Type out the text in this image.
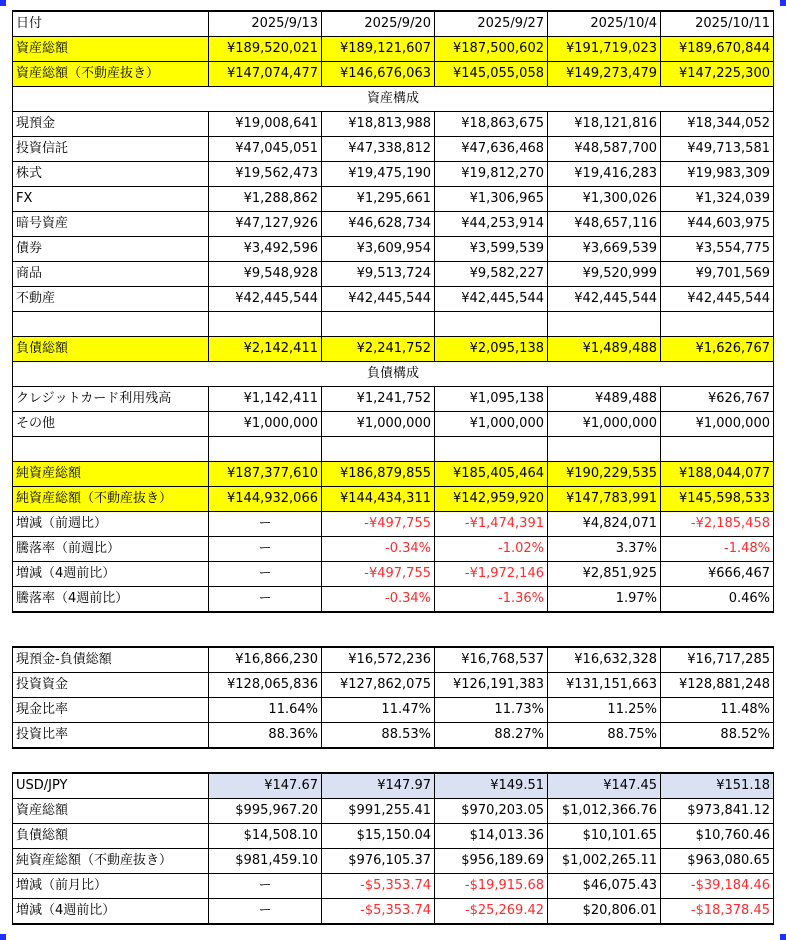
日付	2025/9/13	2025/9/20	2025/9/27	2025/10/4	2025/10/11
資産総額	¥189,520,021	¥189,121,607	¥187,500,602	¥191,719,023	¥189,670,844
資産総額（不動産抜き）	¥147,074,477	¥146,676,063	¥145,055,058	¥149,273,479	¥147,225,300
資産構成					
現預金	¥19,008,641	¥18,813,988	¥18,863,675	¥18,121,816	¥18,344,052
投資信託	¥47,045,051	¥47,338,812	¥47,636,468	¥48,587,700	¥49,713,581
株式	¥19,562,473	¥19,475,190	¥19,812,270	¥19,416,283	¥19,983,309
FX	¥1,288,862	¥1,295,661	¥1,306,965	¥1,300,026	¥1,324,039
暗号資産	¥47,127,926	¥46,628,734	¥44,253,914	¥48,657,116	¥44,603,975
債券	¥3,492,596	¥3,609,954	¥3,599,539	¥3,669,539	¥3,554,775
商品	¥9,548,928	¥9,513,724	¥9,582,227	¥9,520,999	¥9,701,569
不動産	¥42,445,544	¥42,445,544	¥42,445,544	¥42,445,544	¥42,445,544

負債総額	¥2,142,411	¥2,241,752	¥2,095,138	¥1,489,488	¥1,626,767
負債構成					
クレジットカード利用残高	¥1,142,411	¥1,241,752	¥1,095,138	¥489,488	¥626,767
その他	¥1,000,000	¥1,000,000	¥1,000,000	¥1,000,000	¥1,000,000

純資産総額	¥187,377,610	¥186,879,855	¥185,405,464	¥190,229,535	¥188,044,077
純資産総額（不動産抜き）	¥144,932,066	¥144,434,311	¥142,959,920	¥147,783,991	¥145,598,533
増減（前週比）	ー	-¥497,755	-¥1,474,391	¥4,824,071	-¥2,185,458
騰落率（前週比）	ー	-0.34%	-1.02%	3.37%	-1.48%
増減（4週前比）	ー	-¥497,755	-¥1,972,146	¥2,851,925	¥666,467
騰落率（4週前比）	ー	-0.34%	-1.36%	1.97%	0.46%
現預金-負債総額	¥16,866,230	¥16,572,236	¥16,768,537	¥16,632,328	¥16,717,285
投資資金	¥128,065,836	¥127,862,075	¥126,191,383	¥131,151,663	¥128,881,248
現金比率	11.64%	11.47%	11.73%	11.25%	11.48%
投資比率	88.36%	88.53%	88.27%	88.75%	88.52%
USD/JPY	¥147.67	¥147.97	¥149.51	¥147.45	¥151.18
資産総額	$995,967.20	$991,255.41	$970,203.05	$1,012,366.76	$973,841.12
負債総額	$14,508.10	$15,150.04	$14,013.36	$10,101.65	$10,760.46
純資産総額（不動産抜き）	$981,459.10	$976,105.37	$956,189.69	$1,002,265.11	$963,080.65
増減（前月比）	ー	-$5,353.74	-$19,915.68	$46,075.43	-$39,184.46
増減（4週前比）	ー	-$5,353.74	-$25,269.42	$20,806.01	-$18,378.45
